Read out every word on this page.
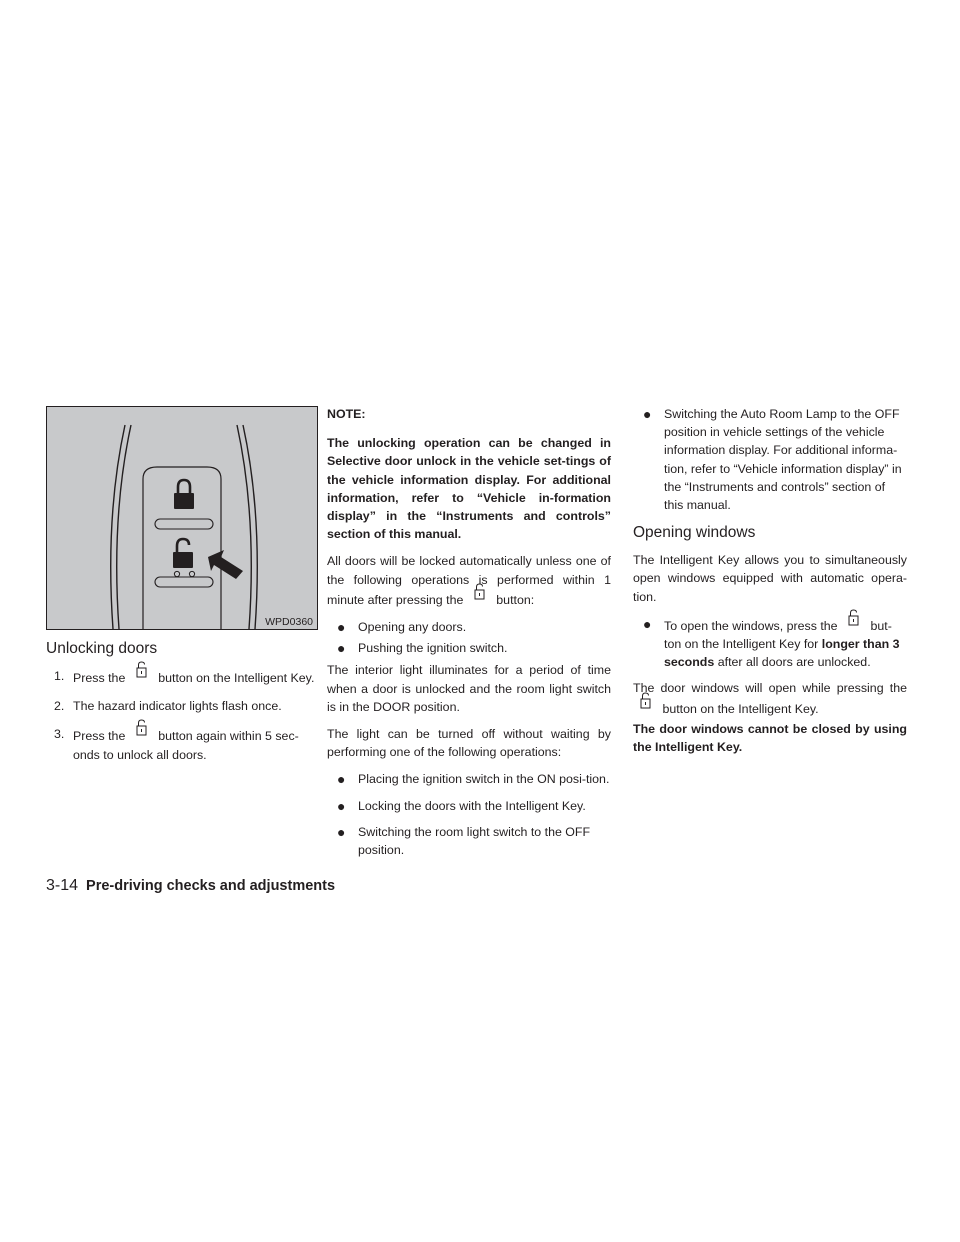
WPD0360
Unlocking doors
1. Press the	button on the Intelligent Key.
2. The hazard indicator lights flash once.
3. Press the	button again within 5 sec-onds to unlock all doors.
NOTE:

The unlocking operation can be changed in Selective door unlock in the vehicle set-tings of the vehicle information display. For additional information, refer to “Vehicle in-formation display” in the “Instruments and controls” section of this manual.

All doors will be locked automatically unless one of the following operations is performed within 1 minute after pressing the	button:

● Opening any doors.
● Pushing the ignition switch.

The interior light illuminates for a period of time when a door is unlocked and the room light switch is in the DOOR position.

The light can be turned off without waiting by performing one of the following operations:

● Placing the ignition switch in the ON posi-tion.
● Locking the doors with the Intelligent Key.
● Switching the room light switch to the OFF position.
● Switching the Auto Room Lamp to the OFF position in vehicle settings of the vehicle information display. For additional informa-tion, refer to “Vehicle information display” in the “Instruments and controls” section of this manual.
Opening windows

The Intelligent Key allows you to simultaneously open windows equipped with automatic opera-tion.

● To open the windows, press the	but-ton on the Intelligent Key for longer than 3 seconds after all doors are unlocked.

The door windows will open while pressing the
button on the Intelligent Key.

The door windows cannot be closed by using the Intelligent Key.

3-14 Pre-driving checks and adjustments
